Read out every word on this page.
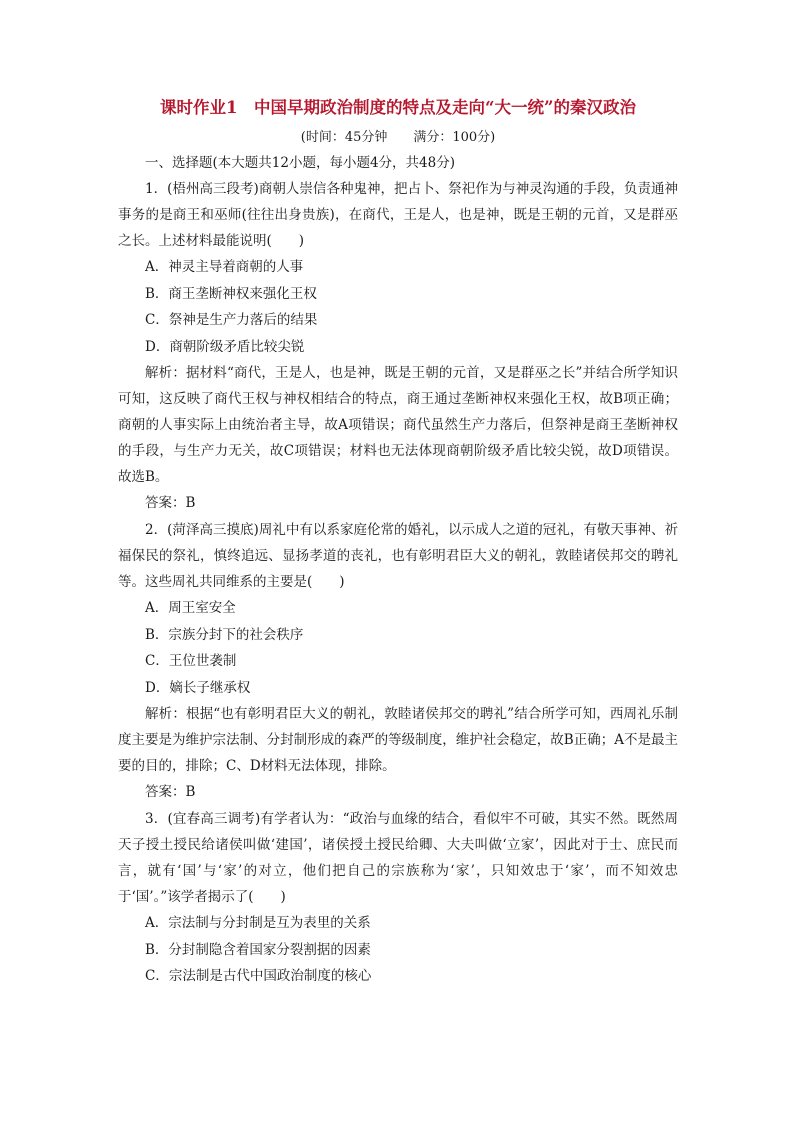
课时作业1　中国早期政治制度的特点及走向“大一统”的秦汉政治
(时间：45分钟　　满分：100分)

一、选择题(本大题共12小题，每小题4分，共48分)

1．(梧州高三段考)商朝人崇信各种鬼神，把占卜、祭祀作为与神灵沟通的手段，负责通神事务的是商王和巫师(往往出身贵族)，在商代，王是人，也是神，既是王朝的元首，又是群巫之长。上述材料最能说明(　　)

A．神灵主导着商朝的人事

B．商王垄断神权来强化王权

C．祭神是生产力落后的结果

D．商朝阶级矛盾比较尖锐

解析：据材料“商代，王是人，也是神，既是王朝的元首，又是群巫之长”并结合所学知识可知，这反映了商代王权与神权相结合的特点，商王通过垄断神权来强化王权，故B项正确；商朝的人事实际上由统治者主导，故A项错误；商代虽然生产力落后，但祭神是商王垄断神权的手段，与生产力无关，故C项错误；材料也无法体现商朝阶级矛盾比较尖锐，故D项错误。故选B。

答案：B

2．(菏泽高三摸底)周礼中有以系家庭伦常的婚礼，以示成人之道的冠礼，有敬天事神、祈福保民的祭礼，慎终追远、显扬孝道的丧礼，也有彰明君臣大义的朝礼，敦睦诸侯邦交的聘礼等。这些周礼共同维系的主要是(　　)

A．周王室安全

B．宗族分封下的社会秩序

C．王位世袭制

D．嫡长子继承权

解析：根据“也有彰明君臣大义的朝礼，敦睦诸侯邦交的聘礼”结合所学可知，西周礼乐制度主要是为维护宗法制、分封制形成的森严的等级制度，维护社会稳定，故B正确；A不是最主要的目的，排除；C、D材料无法体现，排除。

答案：B

3．(宜春高三调考)有学者认为：“政治与血缘的结合，看似牢不可破，其实不然。既然周天子授土授民给诸侯叫做‘建国’，诸侯授土授民给卿、大夫叫做‘立家’，因此对于士、庶民而言，就有‘国’与‘家’的对立，他们把自己的宗族称为‘家’，只知效忠于‘家’，而不知效忠于‘国’。”该学者揭示了(　　)

A．宗法制与分封制是互为表里的关系

B．分封制隐含着国家分裂割据的因素

C．宗法制是古代中国政治制度的核心
